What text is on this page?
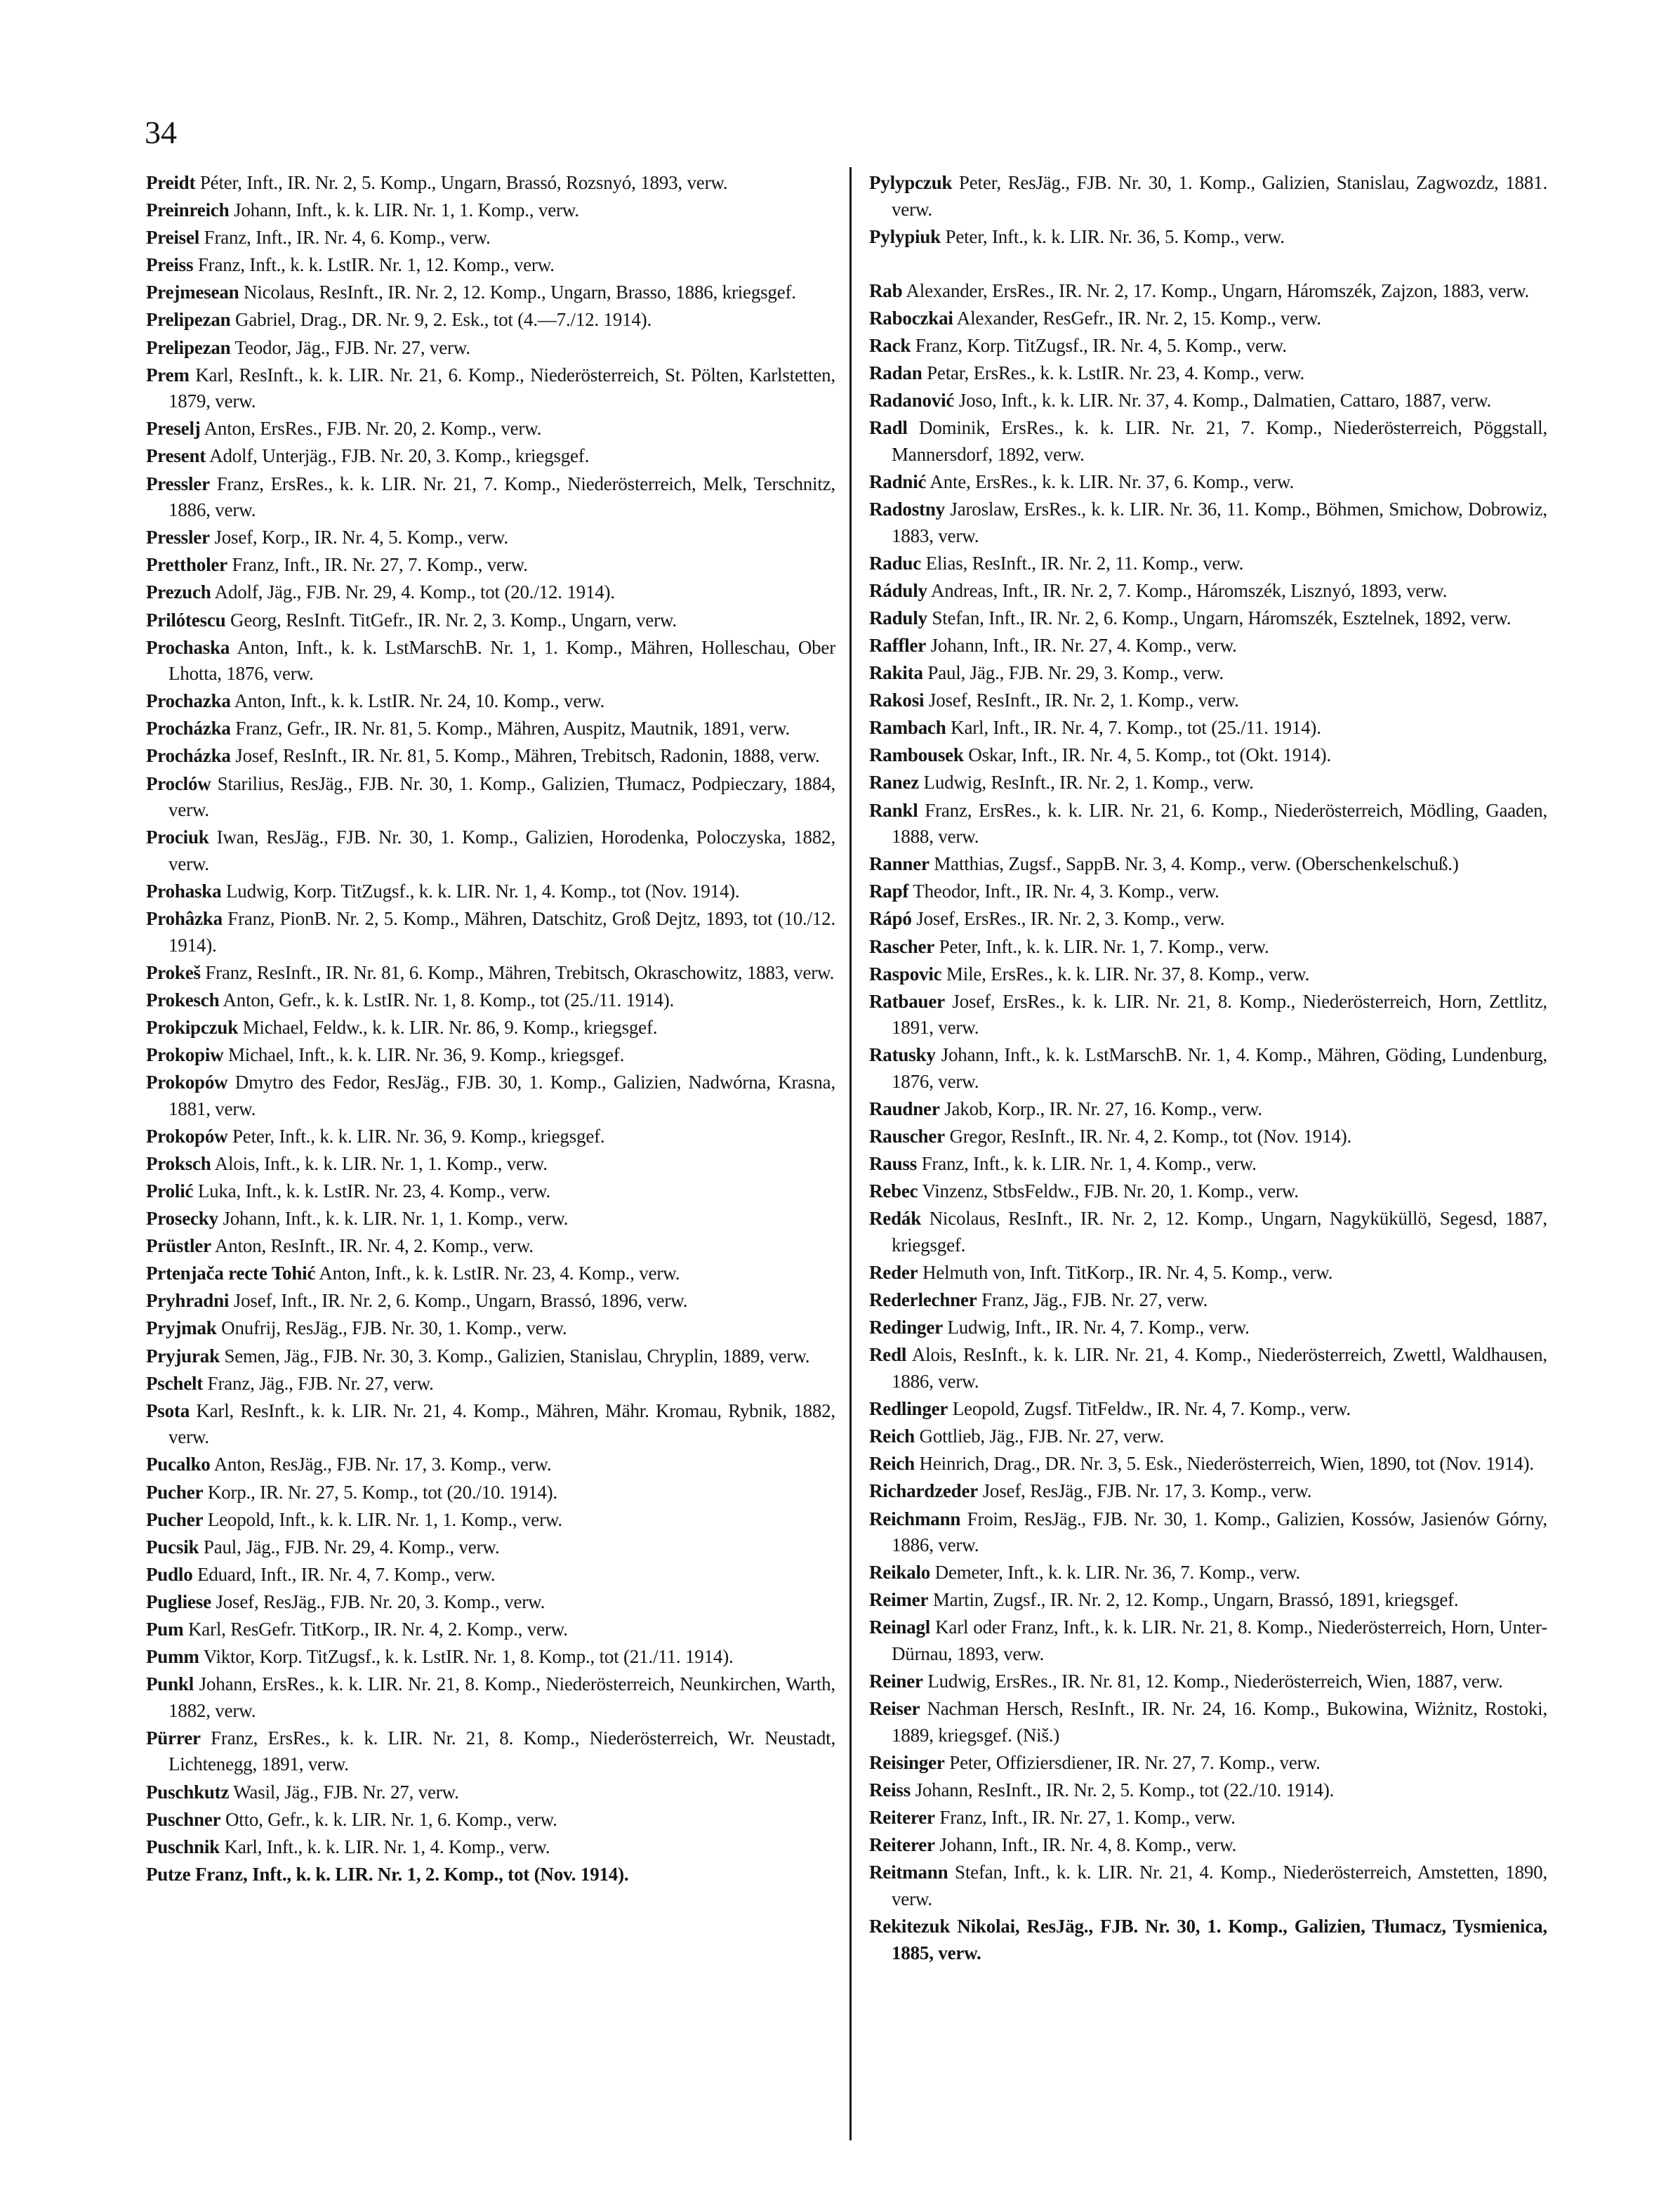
34

Preidt Péter, Inft., IR. Nr. 2, 5. Komp., Ungarn, Brassó, Rozsnyó, 1893, verw.

Preinreich Johann, Inft., k. k. LIR. Nr. 1, 1. Komp., verw.

Preisel Franz, Inft., IR. Nr. 4, 6. Komp., verw.

Preiss Franz, Inft., k. k. LstIR. Nr. 1, 12. Komp., verw.

Prejmesean Nicolaus, ResInft., IR. Nr. 2, 12. Komp., Ungarn, Brasso, 1886, kriegsgef.

Prelipezan Gabriel, Drag., DR. Nr. 9, 2. Esk., tot (4.—7./12. 1914).

Prelipezan Teodor, Jäg., FJB. Nr. 27, verw.

Prem Karl, ResInft., k. k. LIR. Nr. 21, 6. Komp., Niederösterreich, St. Pölten, Karlstetten, 1879, verw.

Preselj Anton, ErsRes., FJB. Nr. 20, 2. Komp., verw.

Present Adolf, Unterjäg., FJB. Nr. 20, 3. Komp., kriegsgef.

Pressler Franz, ErsRes., k. k. LIR. Nr. 21, 7. Komp., Niederösterreich, Melk, Terschnitz, 1886, verw.

Pressler Josef, Korp., IR. Nr. 4, 5. Komp., verw.

Prettholer Franz, Inft., IR. Nr. 27, 7. Komp., verw.

Prezuch Adolf, Jäg., FJB. Nr. 29, 4. Komp., tot (20./12. 1914).

Prilótescu Georg, ResInft. TitGefr., IR. Nr. 2, 3. Komp., Ungarn, verw.

Prochaska Anton, Inft., k. k. LstMarschB. Nr. 1, 1. Komp., Mähren, Holleschau, Ober Lhotta, 1876, verw.

Prochazka Anton, Inft., k. k. LstIR. Nr. 24, 10. Komp., verw.

Procházka Franz, Gefr., IR. Nr. 81, 5. Komp., Mähren, Auspitz, Mautnik, 1891, verw.

Procházka Josef, ResInft., IR. Nr. 81, 5. Komp., Mähren, Trebitsch, Radonin, 1888, verw.

Proclów Starilius, ResJäg., FJB. Nr. 30, 1. Komp., Galizien, Tłumacz, Podpieczary, 1884, verw.

Prociuk Iwan, ResJäg., FJB. Nr. 30, 1. Komp., Galizien, Horodenka, Poloczyska, 1882, verw.

Prohaska Ludwig, Korp. TitZugsf., k. k. LIR. Nr. 1, 4. Komp., tot (Nov. 1914).

Prohâzka Franz, PionB. Nr. 2, 5. Komp., Mähren, Datschitz, Groß Dejtz, 1893, tot (10./12. 1914).

Prokeš Franz, ResInft., IR. Nr. 81, 6. Komp., Mähren, Trebitsch, Okraschowitz, 1883, verw.

Prokesch Anton, Gefr., k. k. LstIR. Nr. 1, 8. Komp., tot (25./11. 1914).

Prokipczuk Michael, Feldw., k. k. LIR. Nr. 86, 9. Komp., kriegsgef.

Prokopiw Michael, Inft., k. k. LIR. Nr. 36, 9. Komp., kriegsgef.

Prokopów Dmytro des Fedor, ResJäg., FJB. 30, 1. Komp., Galizien, Nadwórna, Krasna, 1881, verw.

Prokopów Peter, Inft., k. k. LIR. Nr. 36, 9. Komp., kriegsgef.

Proksch Alois, Inft., k. k. LIR. Nr. 1, 1. Komp., verw.

Prolić Luka, Inft., k. k. LstIR. Nr. 23, 4. Komp., verw.

Prosecky Johann, Inft., k. k. LIR. Nr. 1, 1. Komp., verw.

Prüstler Anton, ResInft., IR. Nr. 4, 2. Komp., verw.

Prtenjača recte Tohić Anton, Inft., k. k. LstIR. Nr. 23, 4. Komp., verw.

Pryhradni Josef, Inft., IR. Nr. 2, 6. Komp., Ungarn, Brassó, 1896, verw.

Pryjmak Onufrij, ResJäg., FJB. Nr. 30, 1. Komp., verw.

Pryjurak Semen, Jäg., FJB. Nr. 30, 3. Komp., Galizien, Stanislau, Chryplin, 1889, verw.

Pschelt Franz, Jäg., FJB. Nr. 27, verw.

Psota Karl, ResInft., k. k. LIR. Nr. 21, 4. Komp., Mähren, Mähr. Kromau, Rybnik, 1882, verw.

Pucalko Anton, ResJäg., FJB. Nr. 17, 3. Komp., verw.

Pucher Korp., IR. Nr. 27, 5. Komp., tot (20./10. 1914).

Pucher Leopold, Inft., k. k. LIR. Nr. 1, 1. Komp., verw.

Pucsik Paul, Jäg., FJB. Nr. 29, 4. Komp., verw.

Pudlo Eduard, Inft., IR. Nr. 4, 7. Komp., verw.

Pugliese Josef, ResJäg., FJB. Nr. 20, 3. Komp., verw.

Pum Karl, ResGefr. TitKorp., IR. Nr. 4, 2. Komp., verw.

Pumm Viktor, Korp. TitZugsf., k. k. LstIR. Nr. 1, 8. Komp., tot (21./11. 1914).

Punkl Johann, ErsRes., k. k. LIR. Nr. 21, 8. Komp., Niederösterreich, Neunkirchen, Warth, 1882, verw.

Pürrer Franz, ErsRes., k. k. LIR. Nr. 21, 8. Komp., Niederösterreich, Wr. Neustadt, Lichtenegg, 1891, verw.

Puschkutz Wasil, Jäg., FJB. Nr. 27, verw.

Puschner Otto, Gefr., k. k. LIR. Nr. 1, 6. Komp., verw.

Puschnik Karl, Inft., k. k. LIR. Nr. 1, 4. Komp., verw.

Putze Franz, Inft., k. k. LIR. Nr. 1, 2. Komp., tot (Nov. 1914).

Pylypczuk Peter, ResJäg., FJB. Nr. 30, 1. Komp., Galizien, Stanislau, Zagwozdz, 1881. verw.

Pylypiuk Peter, Inft., k. k. LIR. Nr. 36, 5. Komp., verw.

Rab Alexander, ErsRes., IR. Nr. 2, 17. Komp., Ungarn, Háromszék, Zajzon, 1883, verw.

Raboczkai Alexander, ResGefr., IR. Nr. 2, 15. Komp., verw.

Rack Franz, Korp. TitZugsf., IR. Nr. 4, 5. Komp., verw.

Radan Petar, ErsRes., k. k. LstIR. Nr. 23, 4. Komp., verw.

Radanović Joso, Inft., k. k. LIR. Nr. 37, 4. Komp., Dalmatien, Cattaro, 1887, verw.

Radl Dominik, ErsRes., k. k. LIR. Nr. 21, 7. Komp., Niederösterreich, Pöggstall, Mannersdorf, 1892, verw.

Radnić Ante, ErsRes., k. k. LIR. Nr. 37, 6. Komp., verw.

Radostny Jaroslaw, ErsRes., k. k. LIR. Nr. 36, 11. Komp., Böhmen, Smichow, Dobrowiz, 1883, verw.

Raduc Elias, ResInft., IR. Nr. 2, 11. Komp., verw.

Ráduly Andreas, Inft., IR. Nr. 2, 7. Komp., Háromszék, Lisznyó, 1893, verw.

Raduly Stefan, Inft., IR. Nr. 2, 6. Komp., Ungarn, Háromszék, Esztelnek, 1892, verw.

Raffler Johann, Inft., IR. Nr. 27, 4. Komp., verw.

Rakita Paul, Jäg., FJB. Nr. 29, 3. Komp., verw.

Rakosi Josef, ResInft., IR. Nr. 2, 1. Komp., verw.

Rambach Karl, Inft., IR. Nr. 4, 7. Komp., tot (25./11. 1914).

Rambousek Oskar, Inft., IR. Nr. 4, 5. Komp., tot (Okt. 1914).

Ranez Ludwig, ResInft., IR. Nr. 2, 1. Komp., verw.

Rankl Franz, ErsRes., k. k. LIR. Nr. 21, 6. Komp., Niederösterreich, Mödling, Gaaden, 1888, verw.

Ranner Matthias, Zugsf., SappB. Nr. 3, 4. Komp., verw. (Oberschenkelschuß.)

Rapf Theodor, Inft., IR. Nr. 4, 3. Komp., verw.

Rápó Josef, ErsRes., IR. Nr. 2, 3. Komp., verw.

Rascher Peter, Inft., k. k. LIR. Nr. 1, 7. Komp., verw.

Raspovic Mile, ErsRes., k. k. LIR. Nr. 37, 8. Komp., verw.

Ratbauer Josef, ErsRes., k. k. LIR. Nr. 21, 8. Komp., Niederösterreich, Horn, Zettlitz, 1891, verw.

Ratusky Johann, Inft., k. k. LstMarschB. Nr. 1, 4. Komp., Mähren, Göding, Lundenburg, 1876, verw.

Raudner Jakob, Korp., IR. Nr. 27, 16. Komp., verw.

Rauscher Gregor, ResInft., IR. Nr. 4, 2. Komp., tot (Nov. 1914).

Rauss Franz, Inft., k. k. LIR. Nr. 1, 4. Komp., verw.

Rebec Vinzenz, StbsFeldw., FJB. Nr. 20, 1. Komp., verw.

Redák Nicolaus, ResInft., IR. Nr. 2, 12. Komp., Ungarn, Nagyküküllö, Segesd, 1887, kriegsgef.

Reder Helmuth von, Inft. TitKorp., IR. Nr. 4, 5. Komp., verw.

Rederlechner Franz, Jäg., FJB. Nr. 27, verw.

Redinger Ludwig, Inft., IR. Nr. 4, 7. Komp., verw.

Redl Alois, ResInft., k. k. LIR. Nr. 21, 4. Komp., Niederösterreich, Zwettl, Waldhausen, 1886, verw.

Redlinger Leopold, Zugsf. TitFeldw., IR. Nr. 4, 7. Komp., verw.

Reich Gottlieb, Jäg., FJB. Nr. 27, verw.

Reich Heinrich, Drag., DR. Nr. 3, 5. Esk., Niederösterreich, Wien, 1890, tot (Nov. 1914).

Richardzeder Josef, ResJäg., FJB. Nr. 17, 3. Komp., verw.

Reichmann Froim, ResJäg., FJB. Nr. 30, 1. Komp., Galizien, Kossów, Jasienów Górny, 1886, verw.

Reikalo Demeter, Inft., k. k. LIR. Nr. 36, 7. Komp., verw.

Reimer Martin, Zugsf., IR. Nr. 2, 12. Komp., Ungarn, Brassó, 1891, kriegsgef.

Reinagl Karl oder Franz, Inft., k. k. LIR. Nr. 21, 8. Komp., Niederösterreich, Horn, Unter-Dürnau, 1893, verw.

Reiner Ludwig, ErsRes., IR. Nr. 81, 12. Komp., Niederösterreich, Wien, 1887, verw.

Reiser Nachman Hersch, ResInft., IR. Nr. 24, 16. Komp., Bukowina, Wiżnitz, Rostoki, 1889, kriegsgef. (Niš.)

Reisinger Peter, Offiziersdiener, IR. Nr. 27, 7. Komp., verw.

Reiss Johann, ResInft., IR. Nr. 2, 5. Komp., tot (22./10. 1914).

Reiterer Franz, Inft., IR. Nr. 27, 1. Komp., verw.

Reiterer Johann, Inft., IR. Nr. 4, 8. Komp., verw.

Reitmann Stefan, Inft., k. k. LIR. Nr. 21, 4. Komp., Niederösterreich, Amstetten, 1890, verw.

Rekitezuk Nikolai, ResJäg., FJB. Nr. 30, 1. Komp., Galizien, Tłumacz, Tysmienica, 1885, verw.
